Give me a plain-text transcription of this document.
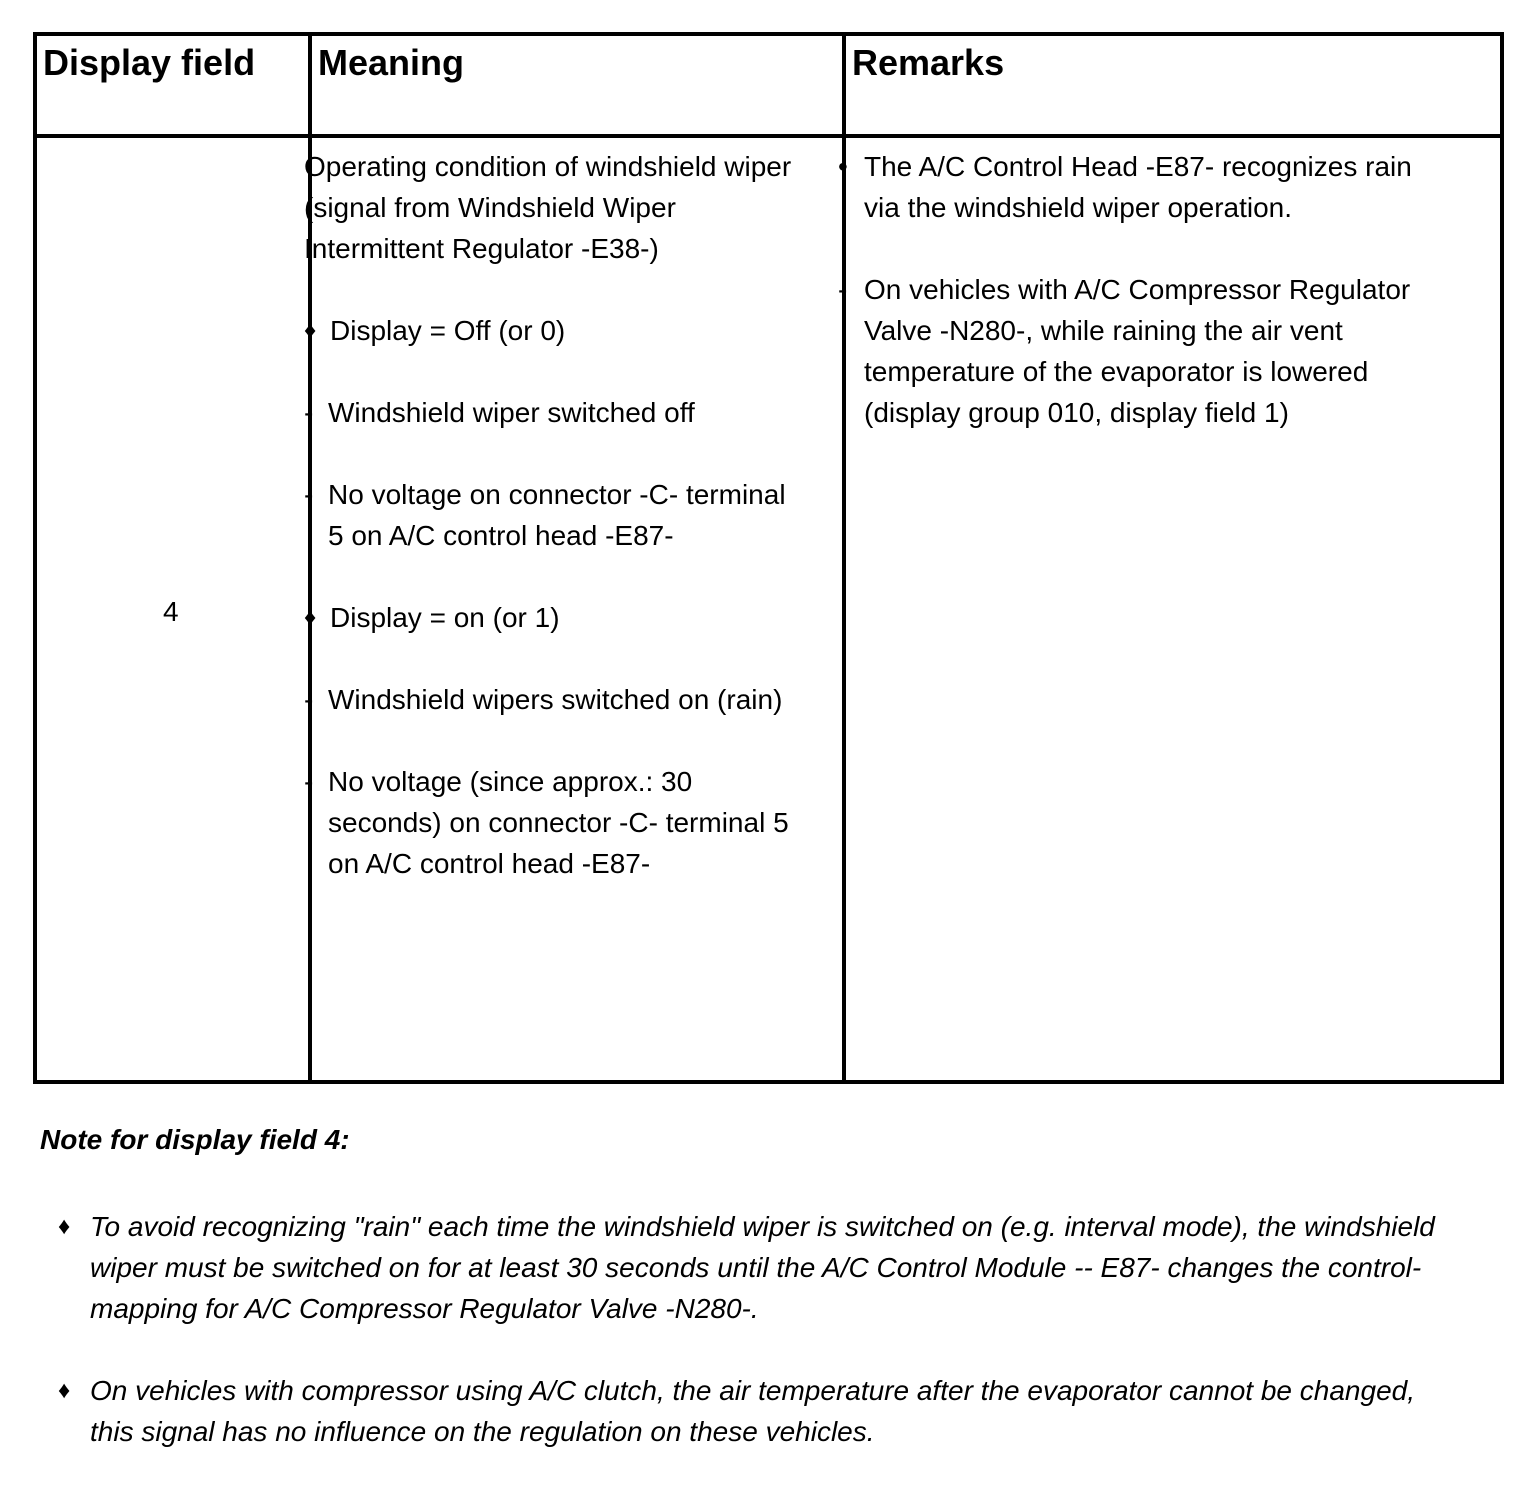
Display field Meaning	Remarks
4
Operating condition of windshield wiper (signal from Windshield Wiper Intermittent Regulator -E38-)
♦ Display = Off (or 0)
- Windshield wiper switched off
- No voltage on connector -C- terminal 5 on A/C control head -E87-
♦ Display = on (or 1)
- Windshield wipers switched on (rain)
- No voltage (since approx.: 30 seconds) on connector -C- terminal 5 on A/C control head -E87-
• The A/C Control Head -E87- recognizes rain via the windshield wiper operation.
- On vehicles with A/C Compressor Regulator Valve -N280-, while raining the air vent temperature of the evaporator is lowered (display group 010, display field 1)
Note for display field 4:
♦ To avoid recognizing "rain" each time the windshield wiper is switched on (e.g. interval mode), the windshield wiper must be switched on for at least 30 seconds until the A/C Control Module -- E87- changes the control-mapping for A/C Compressor Regulator Valve -N280-.
♦ On vehicles with compressor using A/C clutch, the air temperature after the evaporator cannot be changed, this signal has no influence on the regulation on these vehicles.
